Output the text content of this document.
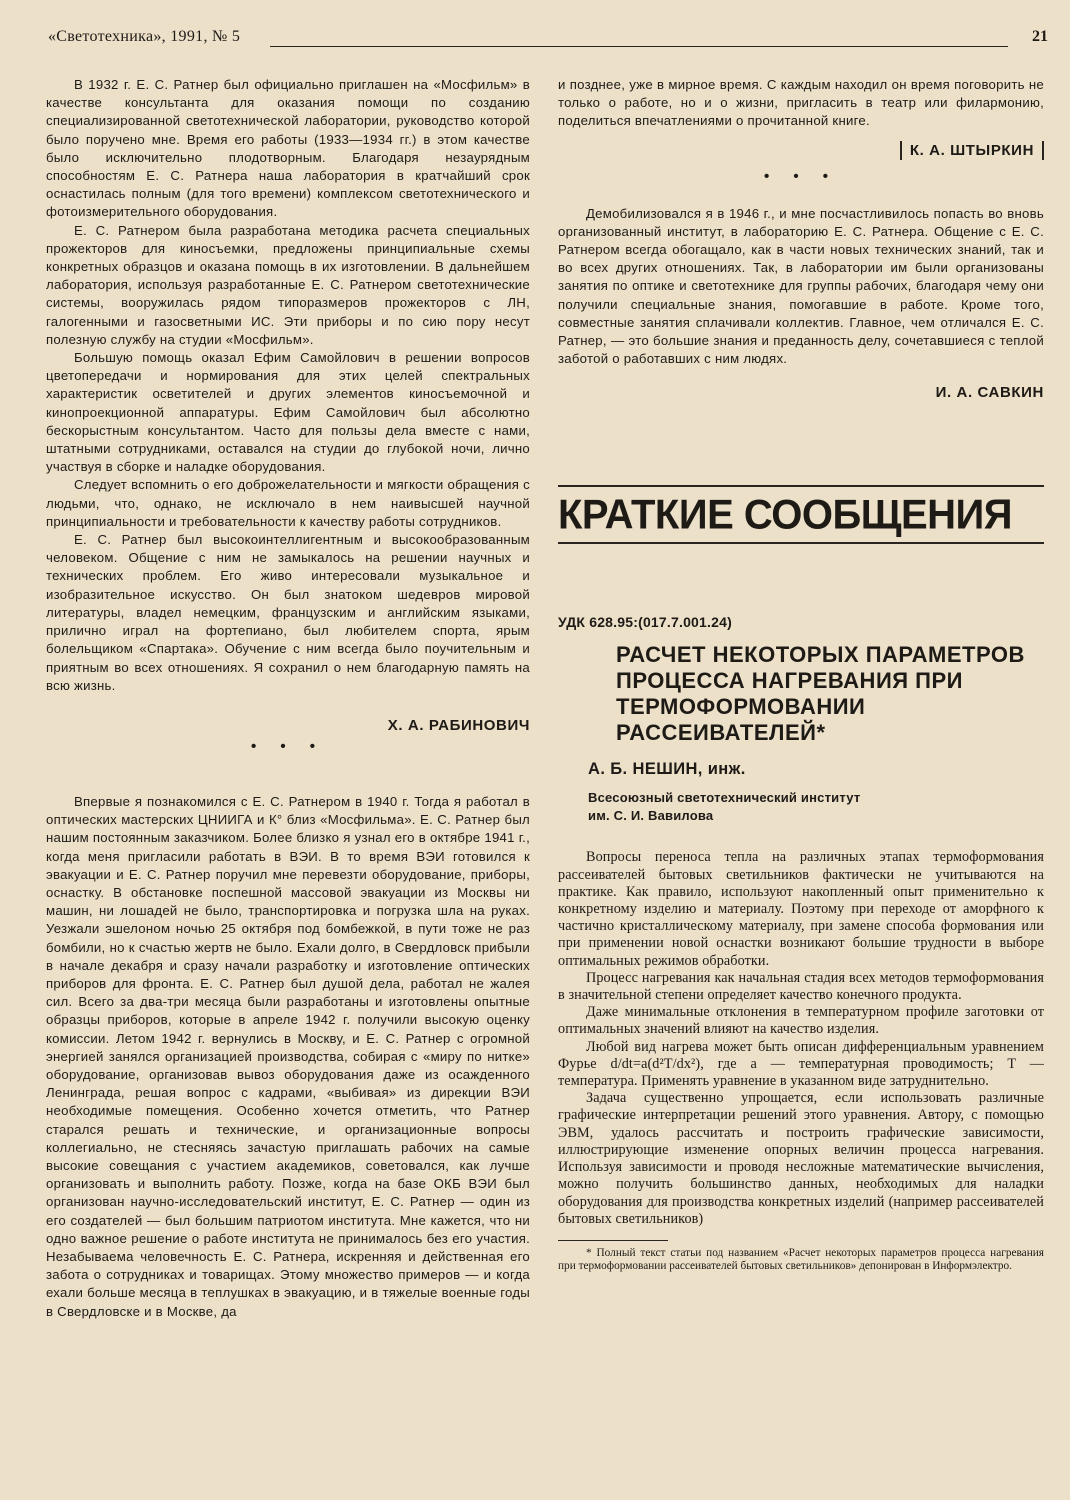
«Светотехника», 1991, № 5	21

В 1932 г. Е. С. Ратнер был официально приглашен на «Мосфильм» в качестве консультанта для оказания помощи по созданию специализированной светотехнической лаборатории, руководство которой было поручено мне. Время его работы (1933—1934 гг.) в этом качестве было исключительно плодотворным. Благодаря незаурядным способностям Е. С. Ратнера наша лаборатория в кратчайший срок оснастилась полным (для того времени) комплексом светотехнического и фотоизмерительного оборудования.

Е. С. Ратнером была разработана методика расчета специальных прожекторов для киносъемки, предложены принципиальные схемы конкретных образцов и оказана помощь в их изготовлении. В дальнейшем лаборатория, используя разработанные Е. С. Ратнером светотехнические системы, вооружилась рядом типоразмеров прожекторов с ЛН, галогенными и газосветными ИС. Эти приборы и по сию пору несут полезную службу на студии «Мосфильм».

Большую помощь оказал Ефим Самойлович в решении вопросов цветопередачи и нормирования для этих целей спектральных характеристик осветителей и других элементов киносъемочной и кинопроекционной аппаратуры. Ефим Самойлович был абсолютно бескорыстным консультантом. Часто для пользы дела вместе с нами, штатными сотрудниками, оставался на студии до глубокой ночи, лично участвуя в сборке и наладке оборудования.

Следует вспомнить о его доброжелательности и мягкости обращения с людьми, что, однако, не исключало в нем наивысшей научной принципиальности и требовательности к качеству работы сотрудников.

Е. С. Ратнер был высокоинтеллигентным и высокообразованным человеком. Общение с ним не замыкалось на решении научных и технических проблем. Его живо интересовали музыкальное и изобразительное искусство. Он был знатоком шедевров мировой литературы, владел немецким, французским и английским языками, прилично играл на фортепиано, был любителем спорта, ярым болельщиком «Спартака». Обучение с ним всегда было поучительным и приятным во всех отношениях. Я сохранил о нем благодарную память на всю жизнь.

Х. А. РАБИНОВИЧ

• • •

Впервые я познакомился с Е. С. Ратнером в 1940 г. Тогда я работал в оптических мастерских ЦНИИГА и К° близ «Мосфильма». Е. С. Ратнер был нашим постоянным заказчиком. Более близко я узнал его в октябре 1941 г., когда меня пригласили работать в ВЭИ. В то время ВЭИ готовился к эвакуации и Е. С. Ратнер поручил мне перевезти оборудование, приборы, оснастку. В обстановке поспешной массовой эвакуации из Москвы ни машин, ни лошадей не было, транспортировка и погрузка шла на руках. Уезжали эшелоном ночью 25 октября под бомбежкой, в пути тоже не раз бомбили, но к счастью жертв не было. Ехали долго, в Свердловск прибыли в начале декабря и сразу начали разработку и изготовление оптических приборов для фронта. Е. С. Ратнер был душой дела, работал не жалея сил. Всего за два-три месяца были разработаны и изготовлены опытные образцы приборов, которые в апреле 1942 г. получили высокую оценку комиссии. Летом 1942 г. вернулись в Москву, и Е. С. Ратнер с огромной энергией занялся организацией производства, собирая с «миру по нитке» оборудование, организовав вывоз оборудования даже из осажденного Ленинграда, решая вопрос с кадрами, «выбивая» из дирекции ВЭИ необходимые помещения. Особенно хочется отметить, что Ратнер старался решать и технические, и организационные вопросы коллегиально, не стесняясь зачастую приглашать рабочих на самые высокие совещания с участием академиков, советовался, как лучше организовать и выполнить работу. Позже, когда на базе ОКБ ВЭИ был организован научно-исследовательский институт, Е. С. Ратнер — один из его создателей — был большим патриотом института. Мне кажется, что ни одно важное решение о работе института не принималось без его участия. Незабываема человечность Е. С. Ратнера, искренняя и действенная его забота о сотрудниках и товарищах. Этому множество примеров — и когда ехали больше месяца в теплушках в эвакуацию, и в тяжелые военные годы в Свердловске и в Москве, да

и позднее, уже в мирное время. С каждым находил он время поговорить не только о работе, но и о жизни, пригласить в театр или филармонию, поделиться впечатлениями о прочитанной книге.

К. А. ШТЫРКИН

• • •

Демобилизовался я в 1946 г., и мне посчастливилось попасть во вновь организованный институт, в лабораторию Е. С. Ратнера. Общение с Е. С. Ратнером всегда обогащало, как в части новых технических знаний, так и во всех других отношениях. Так, в лаборатории им были организованы занятия по оптике и светотехнике для группы рабочих, благодаря чему они получили специальные знания, помогавшие в работе. Кроме того, совместные занятия сплачивали коллектив. Главное, чем отличался Е. С. Ратнер, — это большие знания и преданность делу, сочетавшиеся с теплой заботой о работавших с ним людях.

И. А. САВКИН

КРАТКИЕ СООБЩЕНИЯ

УДК 628.95:(017.7.001.24)

РАСЧЕТ НЕКОТОРЫХ ПАРАМЕТРОВ ПРОЦЕССА НАГРЕВАНИЯ ПРИ ТЕРМОФОРМОВАНИИ РАССЕИВАТЕЛЕЙ*

А. Б. НЕШИН, инж.

Всесоюзный светотехнический институт

им. С. И. Вавилова

Вопросы переноса тепла на различных этапах термоформования рассеивателей бытовых светильников фактически не учитываются на практике. Как правило, используют накопленный опыт применительно к конкретному изделию и материалу. Поэтому при переходе от аморфного к частично кристаллическому материалу, при замене способа формования или при применении новой оснастки возникают большие трудности в выборе оптимальных режимов обработки.

Процесс нагревания как начальная стадия всех методов термоформования в значительной степени определяет качество конечного продукта.

Даже минимальные отклонения в температурном профиле заготовки от оптимальных значений влияют на качество изделия.

Любой вид нагрева может быть описан дифференциальным уравнением Фурье d/dt=a(d²T/dx²), где a — температурная проводимость; T — температура. Применять уравнение в указанном виде затруднительно.

Задача существенно упрощается, если использовать различные графические интерпретации решений этого уравнения. Автору, с помощью ЭВМ, удалось рассчитать и построить графические зависимости, иллюстрирующие изменение опорных величин процесса нагревания. Используя зависимости и проводя несложные математические вычисления, можно получить большинство данных, необходимых для наладки оборудования для производства конкретных изделий (например рассеивателей бытовых светильников)

* Полный текст статьи под названием «Расчет некоторых параметров процесса нагревания при термоформовании рассеивателей бытовых светильников» депонирован в Информэлектро.
